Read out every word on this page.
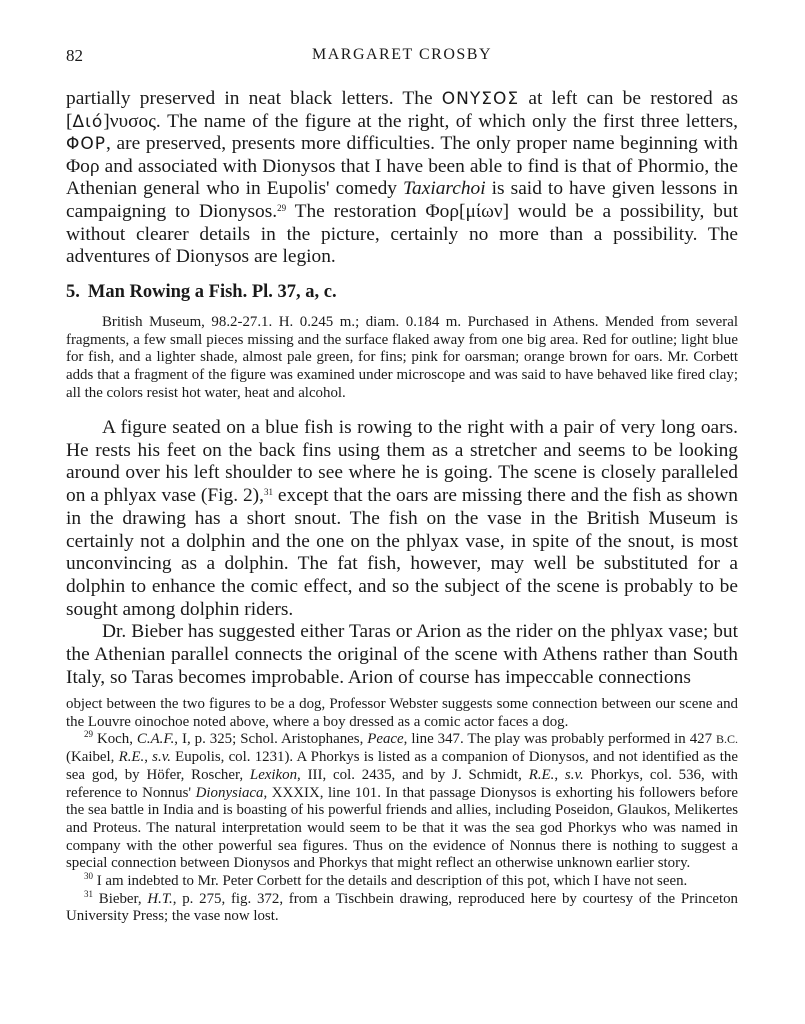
82	MARGARET CROSBY

partially preserved in neat black letters. The ONYΣOΣ at left can be restored as [Διό]νυσος. The name of the figure at the right, of which only the first three letters, ΦOP, are preserved, presents more difficulties. The only proper name beginning with Φορ and associated with Dionysos that I have been able to find is that of Phormio, the Athenian general who in Eupolis' comedy Taxiarchoi is said to have given lessons in campaigning to Dionysos.$^{29}$ The restoration Φορ[μίων] would be a possibility, but without clearer details in the picture, certainly no more than a possibility. The adventures of Dionysos are legion.

5. Man Rowing a Fish. Pl. 37, a, c.

British Museum, 98.2-27.1. H. 0.245 m.; diam. 0.184 m. Purchased in Athens. Mended from several fragments, a few small pieces missing and the surface flaked away from one big area. Red for outline; light blue for fish, and a lighter shade, almost pale green, for fins; pink for oarsman; orange brown for oars. Mr. Corbett adds that a fragment of the figure was examined under microscope and was said to have behaved like fired clay; all the colors resist hot water, heat and alcohol.

A figure seated on a blue fish is rowing to the right with a pair of very long oars. He rests his feet on the back fins using them as a stretcher and seems to be looking around over his left shoulder to see where he is going. The scene is closely paralleled on a phlyax vase (Fig. 2),$^{31}$ except that the oars are missing there and the fish as shown in the drawing has a short snout. The fish on the vase in the British Museum is certainly not a dolphin and the one on the phlyax vase, in spite of the snout, is most unconvincing as a dolphin. The fat fish, however, may well be substituted for a dolphin to enhance the comic effect, and so the subject of the scene is probably to be sought among dolphin riders.

Dr. Bieber has suggested either Taras or Arion as the rider on the phlyax vase; but the Athenian parallel connects the original of the scene with Athens rather than South Italy, so Taras becomes improbable. Arion of course has impeccable connections

object between the two figures to be a dog, Professor Webster suggests some connection between our scene and the Louvre oinochoe noted above, where a boy dressed as a comic actor faces a dog.

$^{29}$ Koch, C.A.F., I, p. 325; Schol. Aristophanes, Peace, line 347. The play was probably performed in 427 B.C. (Kaibel, R.E., s.v. Eupolis, col. 1231). A Phorkys is listed as a companion of Dionysos, and not identified as the sea god, by Höfer, Roscher, Lexikon, III, col. 2435, and by J. Schmidt, R.E., s.v. Phorkys, col. 536, with reference to Nonnus' Dionysiaca, XXXIX, line 101. In that passage Dionysos is exhorting his followers before the sea battle in India and is boasting of his powerful friends and allies, including Poseidon, Glaukos, Melikertes and Proteus. The natural interpretation would seem to be that it was the sea god Phorkys who was named in company with the other powerful sea figures. Thus on the evidence of Nonnus there is nothing to suggest a special connection between Dionysos and Phorkys that might reflect an otherwise unknown earlier story.

$^{30}$ I am indebted to Mr. Peter Corbett for the details and description of this pot, which I have not seen.

$^{31}$ Bieber, H.T., p. 275, fig. 372, from a Tischbein drawing, reproduced here by courtesy of the Princeton University Press; the vase now lost.
